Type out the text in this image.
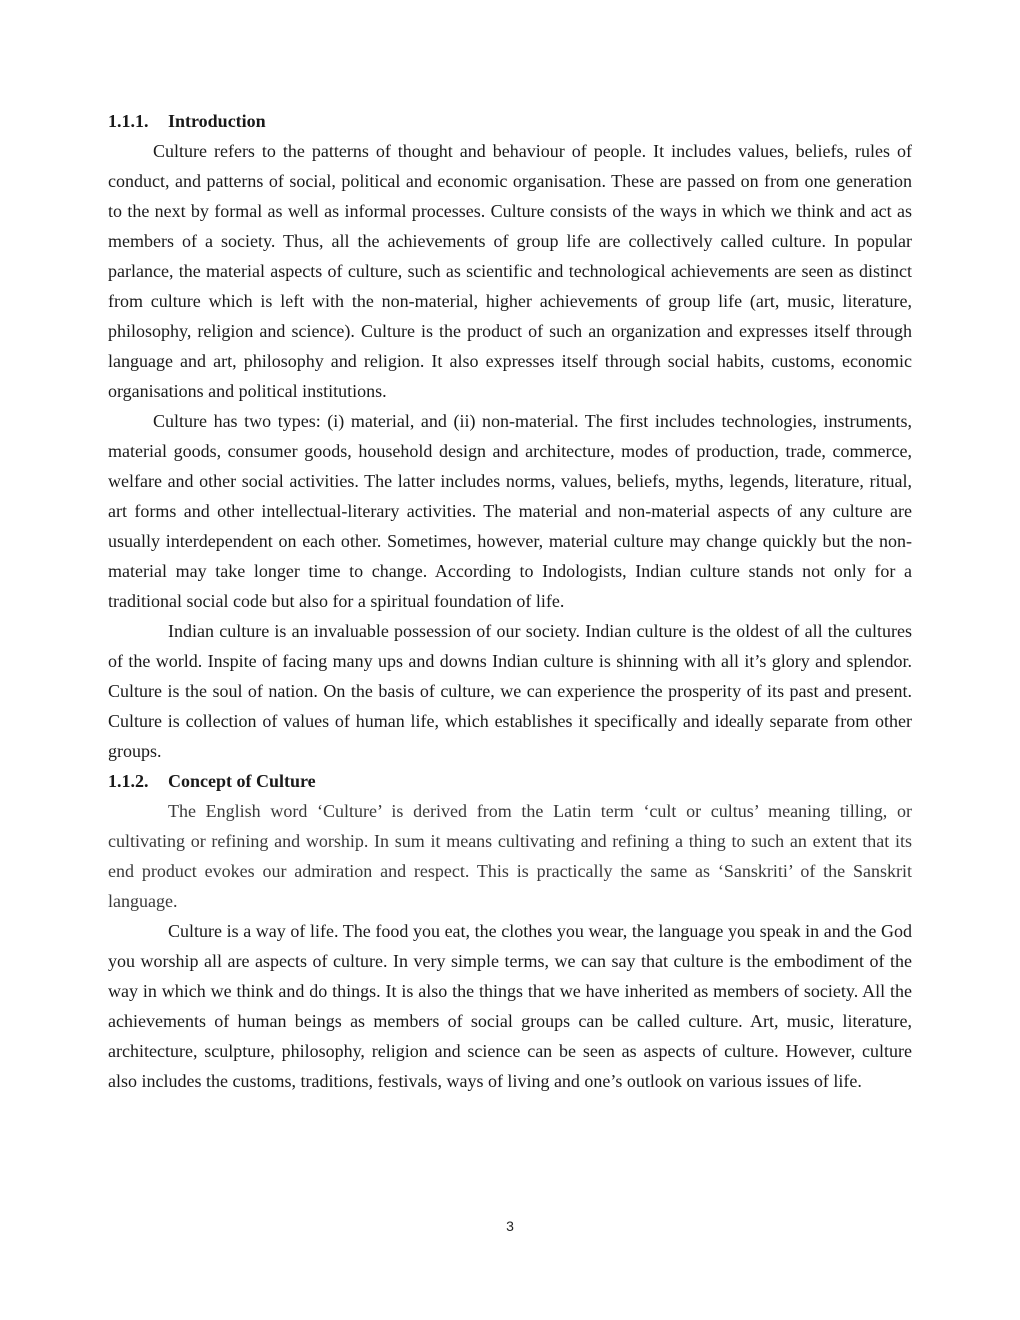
1.1.1. Introduction

Culture refers to the patterns of thought and behaviour of people. It includes values, beliefs, rules of conduct, and patterns of social, political and economic organisation. These are passed on from one generation to the next by formal as well as informal processes. Culture consists of the ways in which we think and act as members of a society. Thus, all the achievements of group life are collectively called culture. In popular parlance, the material aspects of culture, such as scientific and technological achievements are seen as distinct from culture which is left with the non-material, higher achievements of group life (art, music, literature, philosophy, religion and science). Culture is the product of such an organization and expresses itself through language and art, philosophy and religion. It also expresses itself through social habits, customs, economic organisations and political institutions.

Culture has two types: (i) material, and (ii) non-material. The first includes technologies, instruments, material goods, consumer goods, household design and architecture, modes of production, trade, commerce, welfare and other social activities. The latter includes norms, values, beliefs, myths, legends, literature, ritual, art forms and other intellectual-literary activities. The material and non-material aspects of any culture are usually interdependent on each other. Sometimes, however, material culture may change quickly but the non-material may take longer time to change. According to Indologists, Indian culture stands not only for a traditional social code but also for a spiritual foundation of life.

Indian culture is an invaluable possession of our society. Indian culture is the oldest of all the cultures of the world. Inspite of facing many ups and downs Indian culture is shinning with all it’s glory and splendor. Culture is the soul of nation. On the basis of culture, we can experience the prosperity of its past and present. Culture is collection of values of human life, which establishes it specifically and ideally separate from other groups.

1.1.2. Concept of Culture

The English word ‘Culture’ is derived from the Latin term ‘cult or cultus’ meaning tilling, or cultivating or refining and worship. In sum it means cultivating and refining a thing to such an extent that its end product evokes our admiration and respect. This is practically the same as ‘Sanskriti’ of the Sanskrit language.

Culture is a way of life. The food you eat, the clothes you wear, the language you speak in and the God you worship all are aspects of culture. In very simple terms, we can say that culture is the embodiment of the way in which we think and do things. It is also the things that we have inherited as members of society. All the achievements of human beings as members of social groups can be called culture. Art, music, literature, architecture, sculpture, philosophy, religion and science can be seen as aspects of culture. However, culture also includes the customs, traditions, festivals, ways of living and one’s outlook on various issues of life.

3
